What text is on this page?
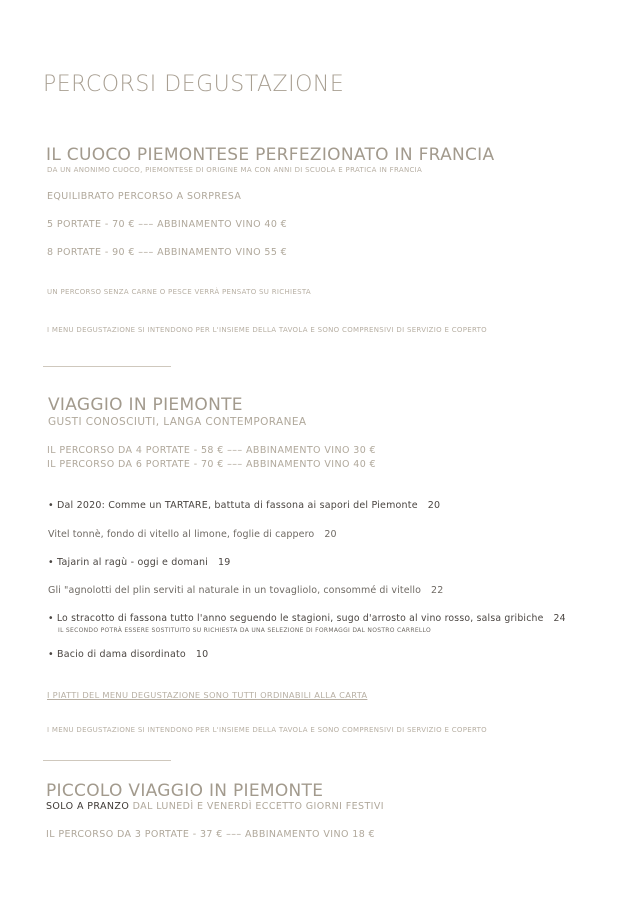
PERCORSI DEGUSTAZIONE
IL CUOCO PIEMONTESE PERFEZIONATO IN FRANCIA
DA UN ANONIMO CUOCO, PIEMONTESE DI ORIGINE MA CON ANNI DI SCUOLA E PRATICA IN FRANCIA
EQUILIBRATO PERCORSO A SORPRESA
5 PORTATE - 70 € ––– ABBINAMENTO VINO 40 €
8 PORTATE - 90 € ––– ABBINAMENTO VINO 55 €
UN PERCORSO SENZA CARNE O PESCE VERRÀ PENSATO SU RICHIESTA
I MENU DEGUSTAZIONE SI INTENDONO PER L'INSIEME DELLA TAVOLA E SONO COMPRENSIVI DI SERVIZIO E COPERTO
VIAGGIO IN PIEMONTE
GUSTI CONOSCIUTI, LANGA CONTEMPORANEA
IL PERCORSO DA 4 PORTATE - 58 € ––– ABBINAMENTO VINO 30 €
IL PERCORSO DA 6 PORTATE - 70 € ––– ABBINAMENTO VINO 40 €
• Dal 2020: Comme un TARTARE, battuta di fassona ai sapori del Piemonte 20
Vitel tonnè, fondo di vitello al limone, foglie di cappero 20
• Tajarin al ragù - oggi e domani 19
Gli "agnolotti del plin serviti al naturale in un tovagliolo, consommé di vitello 22
• Lo stracotto di fassona tutto l'anno seguendo le stagioni, sugo d'arrosto al vino rosso, salsa gribiche 24
IL SECONDO POTRÀ ESSERE SOSTITUITO SU RICHIESTA DA UNA SELEZIONE DI FORMAGGI DAL NOSTRO CARRELLO
• Bacio di dama disordinato 10
I PIATTI DEL MENU DEGUSTAZIONE SONO TUTTI ORDINABILI ALLA CARTA
I MENU DEGUSTAZIONE SI INTENDONO PER L'INSIEME DELLA TAVOLA E SONO COMPRENSIVI DI SERVIZIO E COPERTO
PICCOLO VIAGGIO IN PIEMONTE
SOLO A PRANZO DAL LUNEDÌ E VENERDÌ ECCETTO GIORNI FESTIVI
IL PERCORSO DA 3 PORTATE - 37 € ––– ABBINAMENTO VINO 18 €
